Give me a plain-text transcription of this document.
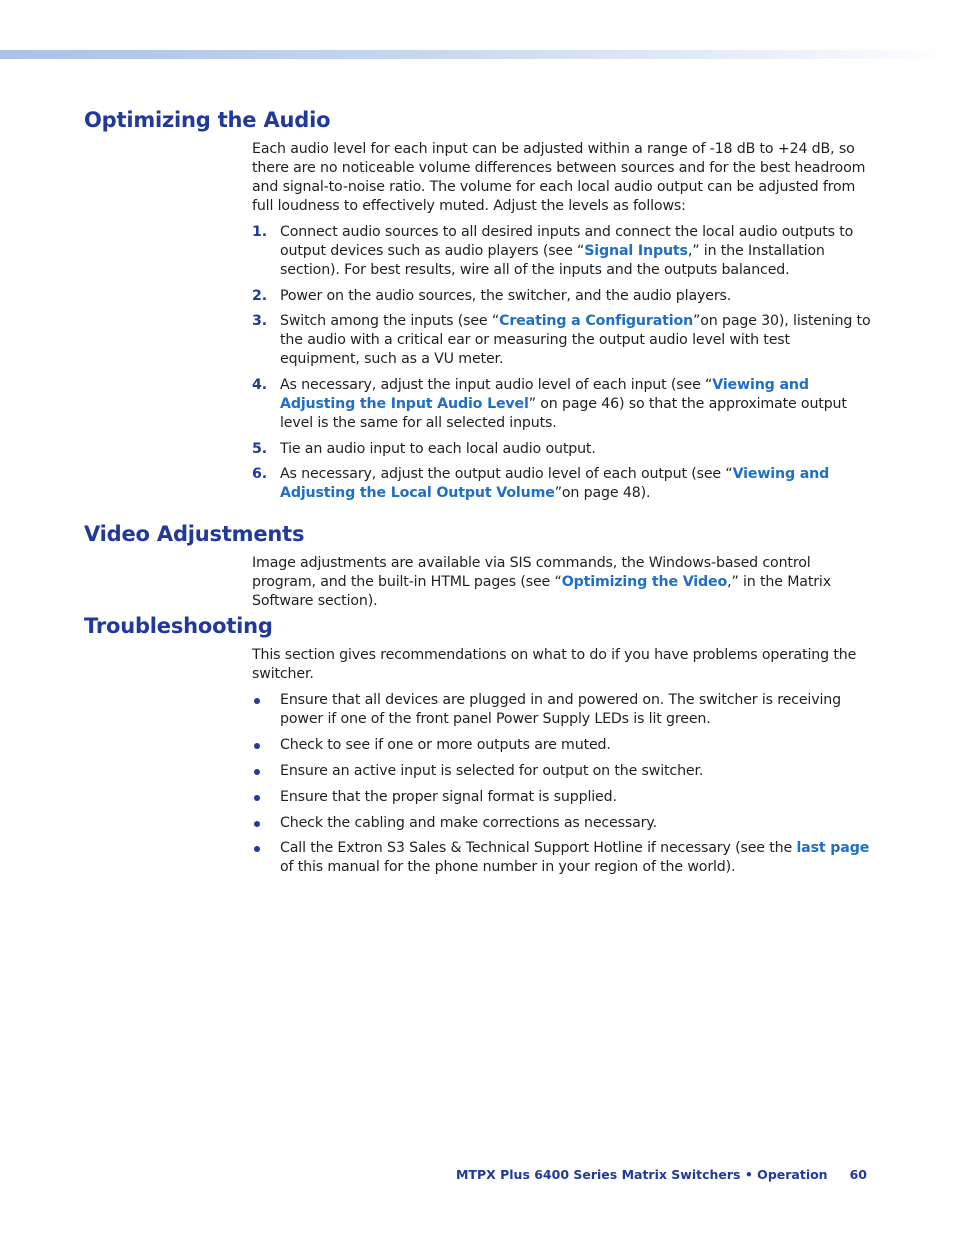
Optimizing the Audio

Each audio level for each input can be adjusted within a range of -18 dB to +24 dB, so there are no noticeable volume differences between sources and for the best headroom and signal-to-noise ratio. The volume for each local audio output can be adjusted from full loudness to effectively muted. Adjust the levels as follows:

1. Connect audio sources to all desired inputs and connect the local audio outputs to output devices such as audio players (see “Signal Inputs,” in the Installation section). For best results, wire all of the inputs and the outputs balanced.
2. Power on the audio sources, the switcher, and the audio players.
3. Switch among the inputs (see “Creating a Configuration”on page 30), listening to the audio with a critical ear or measuring the output audio level with test equipment, such as a VU meter.
4. As necessary, adjust the input audio level of each input (see “Viewing and Adjusting the Input Audio Level” on page 46) so that the approximate output level is the same for all selected inputs.
5. Tie an audio input to each local audio output.
6. As necessary, adjust the output audio level of each output (see “Viewing and Adjusting the Local Output Volume”on page 48).
Video Adjustments

Image adjustments are available via SIS commands, the Windows-based control program, and the built-in HTML pages (see “Optimizing the Video,” in the Matrix Software section).

Troubleshooting

This section gives recommendations on what to do if you have problems operating the switcher.

Ensure that all devices are plugged in and powered on. The switcher is receiving power if one of the front panel Power Supply LEDs is lit green.
Check to see if one or more outputs are muted.
Ensure an active input is selected for output on the switcher.
Ensure that the proper signal format is supplied.
Check the cabling and make corrections as necessary.
Call the Extron S3 Sales & Technical Support Hotline if necessary (see the last page of this manual for the phone number in your region of the world).
MTPX Plus 6400 Series Matrix Switchers • Operation 60
